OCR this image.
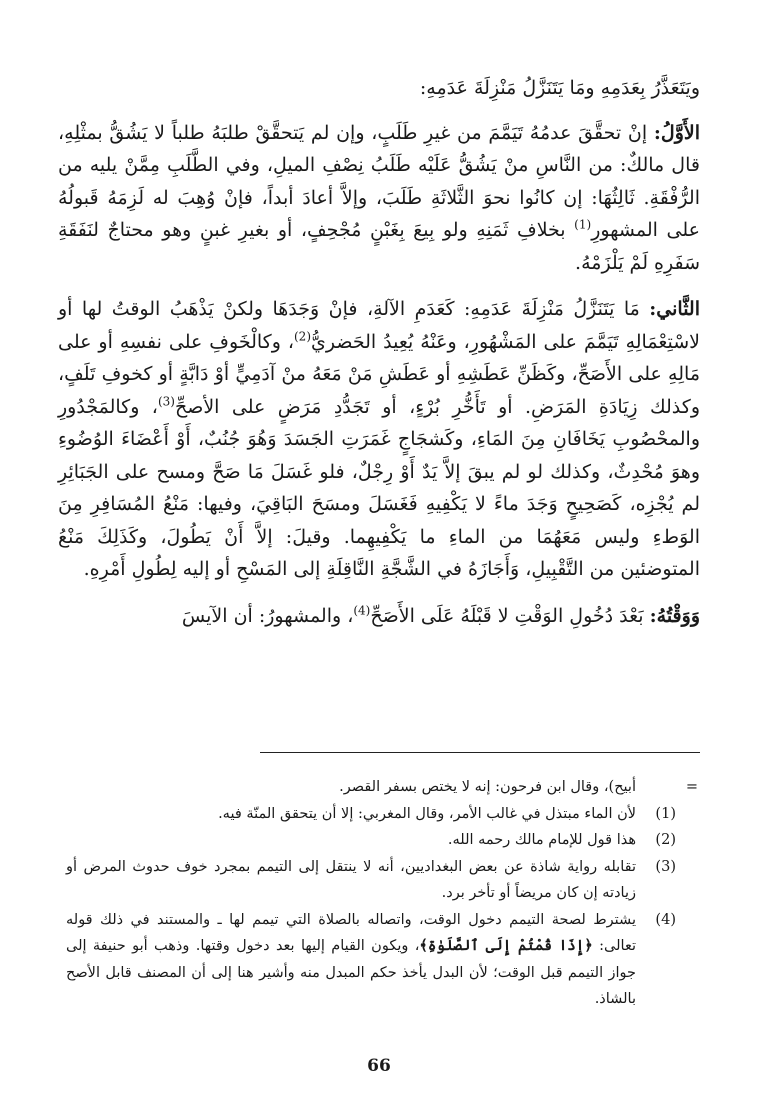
ويَتَعَذَّرُ بِعَدَمِهِ ومَا يَتَنَزَّلُ مَنْزِلَةَ عَدَمِهِ:

الأَوَّلُ: إنْ تحقَّقَ عدمُهُ تَيَمَّمَ من غيرِ طَلَبٍ، وإن لم يَتحقَّقْ طلبَهُ طلباً لا يَشُقُّ بمثْلِهِ، قال مالكٌ: من النَّاسِ منْ يَشُقُّ عَلَيْه طَلَبُ نِصْفِ الميلِ، وفي الطَّلَبِ مِمَّنْ يليه من الرُّفْقَةِ. ثَالِثُهَا: إن كانُوا نحوَ الثَّلاثَةِ طَلَبَ، وإلاَّ أعادَ أبداً، فإنْ وُهِبَ له لَزِمَهُ قَبولُهُ على المشهورِ$^{(1)}$ بخلافِ ثَمَنِهِ ولو بِيعَ بِغَبْنٍ مُجْحِفٍ، أو بغيرِ غبنٍ وهو محتاجٌ لنَفَقَةِ سَفَرِهِ لَمْ يَلْزَمْهُ.

الثَّاني: مَا يَتَنَزَّلُ مَنْزِلَةَ عَدَمِهِ: كَعَدَمِ الآلةِ، فإنْ وَجَدَهَا ولكنْ يَذْهَبُ الوقتُ لها أو لاسْتِعْمَالِهِ تَيَمَّمَ على المَشْهُورِ، وعَنْهُ يُعِيدُ الحَضريُّ$^{(2)}$، وكالْخَوفِ على نفسِهِ أو على مَالِهِ على الأَصَحِّ، وكَظَنِّ عَطَشِهِ أو عَطَشِ مَنْ مَعَهُ منْ آدَمِيٍّ أوْ دَابَّةٍ أو كخوفِ تَلَفٍ، وكذلك زِيَادَةِ المَرَضِ. أو تَأَخُّرِ بُرْءٍ، أو تَجَدُّدِ مَرَضٍ على الأصحِّ$^{(3)}$، وكالمَجْدُورِ والمحْصُوبِ يَخَافَانِ مِنَ المَاءِ، وكَشجَاجٍ غَمَرَتِ الجَسَدَ وَهُوَ جُنُبٌ، أَوْ أَعْضَاءَ الوُضُوءِ وهوَ مُحْدِثٌ، وكذلك لو لم يبقَ إلاَّ يَدٌ أَوْ رِجْلٌ، فلو غَسَلَ مَا صَحَّ ومسح على الجَبَائِرِ لم يُجْزِه، كَصَحِيحٍ وَجَدَ ماءً لا يَكْفِيهِ فَغَسَلَ ومسَحَ البَاقِيَ، وفيها: مَنْعُ المُسَافِرِ مِنَ الوَطءِ وليس مَعَهُمَا من الماءِ ما يَكْفِيهِما. وقيلَ: إلاَّ أَنْ يَطُولَ، وكَذَلِكَ مَنْعُ المتوضئين من التَّقْبِيلِ، وَأَجَازَهُ في الشَّجَّةِ النَّاقِلَةِ إلى المَسْحِ أو إليه لِطُولِ أَمْرِهِ.

وَوَقْتُهُ: بَعْدَ دُخُولِ الوَقْتِ لا قَبْلَهُ عَلَى الأَصَحِّ$^{(4)}$، والمشهورُ: أن الآيسَ

=
أبيح)، وقال ابن فرحون: إنه لا يختص بسفر القصر.
(1)
لأن الماء مبتذل في غالب الأمر، وقال المغربي: إلا أن يتحقق المنّة فيه.
(2)
هذا قول للإمام مالك رحمه الله.
(3)
تقابله رواية شاذة عن بعض البغداديين، أنه لا ينتقل إلى التيمم بمجرد خوف حدوث المرض أو زيادته إن كان مريضاً أو تأخر برد.
(4)
يشترط لصحة التيمم دخول الوقت، واتصاله بالصلاة التي تيمم لها ـ والمستند في ذلك قوله تعالى: ﴿إِذَا قُمْتُمْ إِلَى ٱلصَّلَوٰةِ﴾، ويكون القيام إليها بعد دخول وقتها. وذهب أبو حنيفة إلى جواز التيمم قبل الوقت؛ لأن البدل يأخذ حكم المبدل منه وأشير هنا إلى أن المصنف قابل الأصح بالشاذ.
66
